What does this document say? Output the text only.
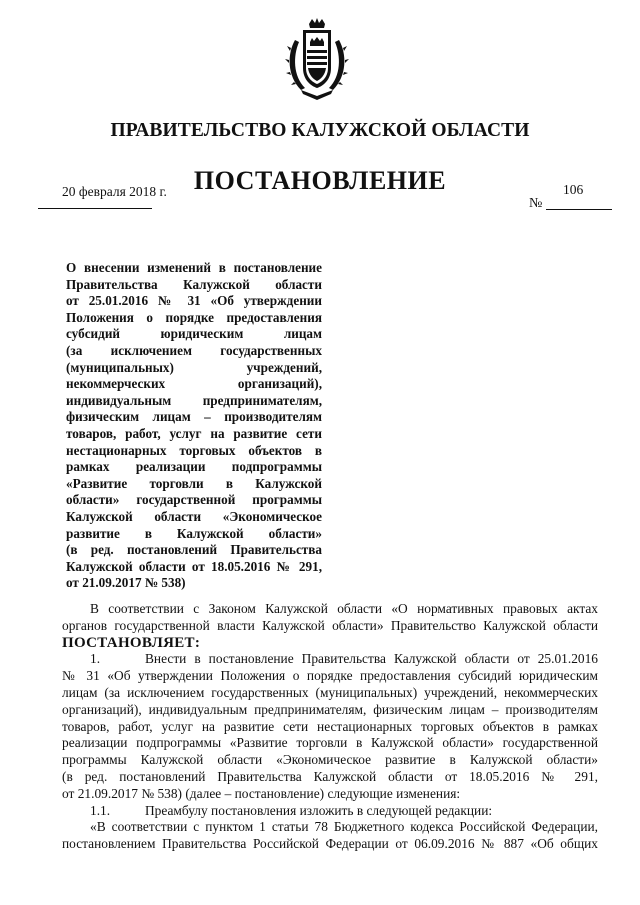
ПРАВИТЕЛЬСТВО КАЛУЖСКОЙ ОБЛАСТИ
ПОСТАНОВЛЕНИЕ
20 февраля 2018 г.	106
№
О внесении изменений в постановление
Правительства Калужской области
от 25.01.2016 № 31 «Об утверждении
Положения о порядке предоставления
субсидий юридическим лицам
(за исключением государственных
(муниципальных) учреждений,
некоммерческих организаций),
индивидуальным предпринимателям,
физическим лицам – производителям
товаров, работ, услуг на развитие сети
нестационарных торговых объектов в
рамках реализации подпрограммы
«Развитие торговли в Калужской
области» государственной программы
Калужской области «Экономическое
развитие в Калужской области»
(в ред. постановлений Правительства
Калужской области от 18.05.2016 № 291,
от 21.09.2017 № 538)
В соответствии с Законом Калужской области «О нормативных правовых актах
органов государственной власти Калужской области» Правительство Калужской области
ПОСТАНОВЛЯЕТ:
1.	Внести в постановление Правительства Калужской области от 25.01.2016
№ 31 «Об утверждении Положения о порядке предоставления субсидий юридическим
лицам (за исключением государственных (муниципальных) учреждений, некоммерческих
организаций), индивидуальным предпринимателям, физическим лицам – производителям
товаров, работ, услуг на развитие сети нестационарных торговых объектов в рамках
реализации подпрограммы «Развитие торговли в Калужской области» государственной
программы Калужской области «Экономическое развитие в Калужской области»
(в ред. постановлений Правительства Калужской области от 18.05.2016 № 291,
от 21.09.2017 № 538) (далее – постановление) следующие изменения:
1.1.	Преамбулу постановления изложить в следующей редакции:
«В соответствии с пунктом 1 статьи 78 Бюджетного кодекса Российской Федерации,
постановлением Правительства Российской Федерации от 06.09.2016 № 887 «Об общих
